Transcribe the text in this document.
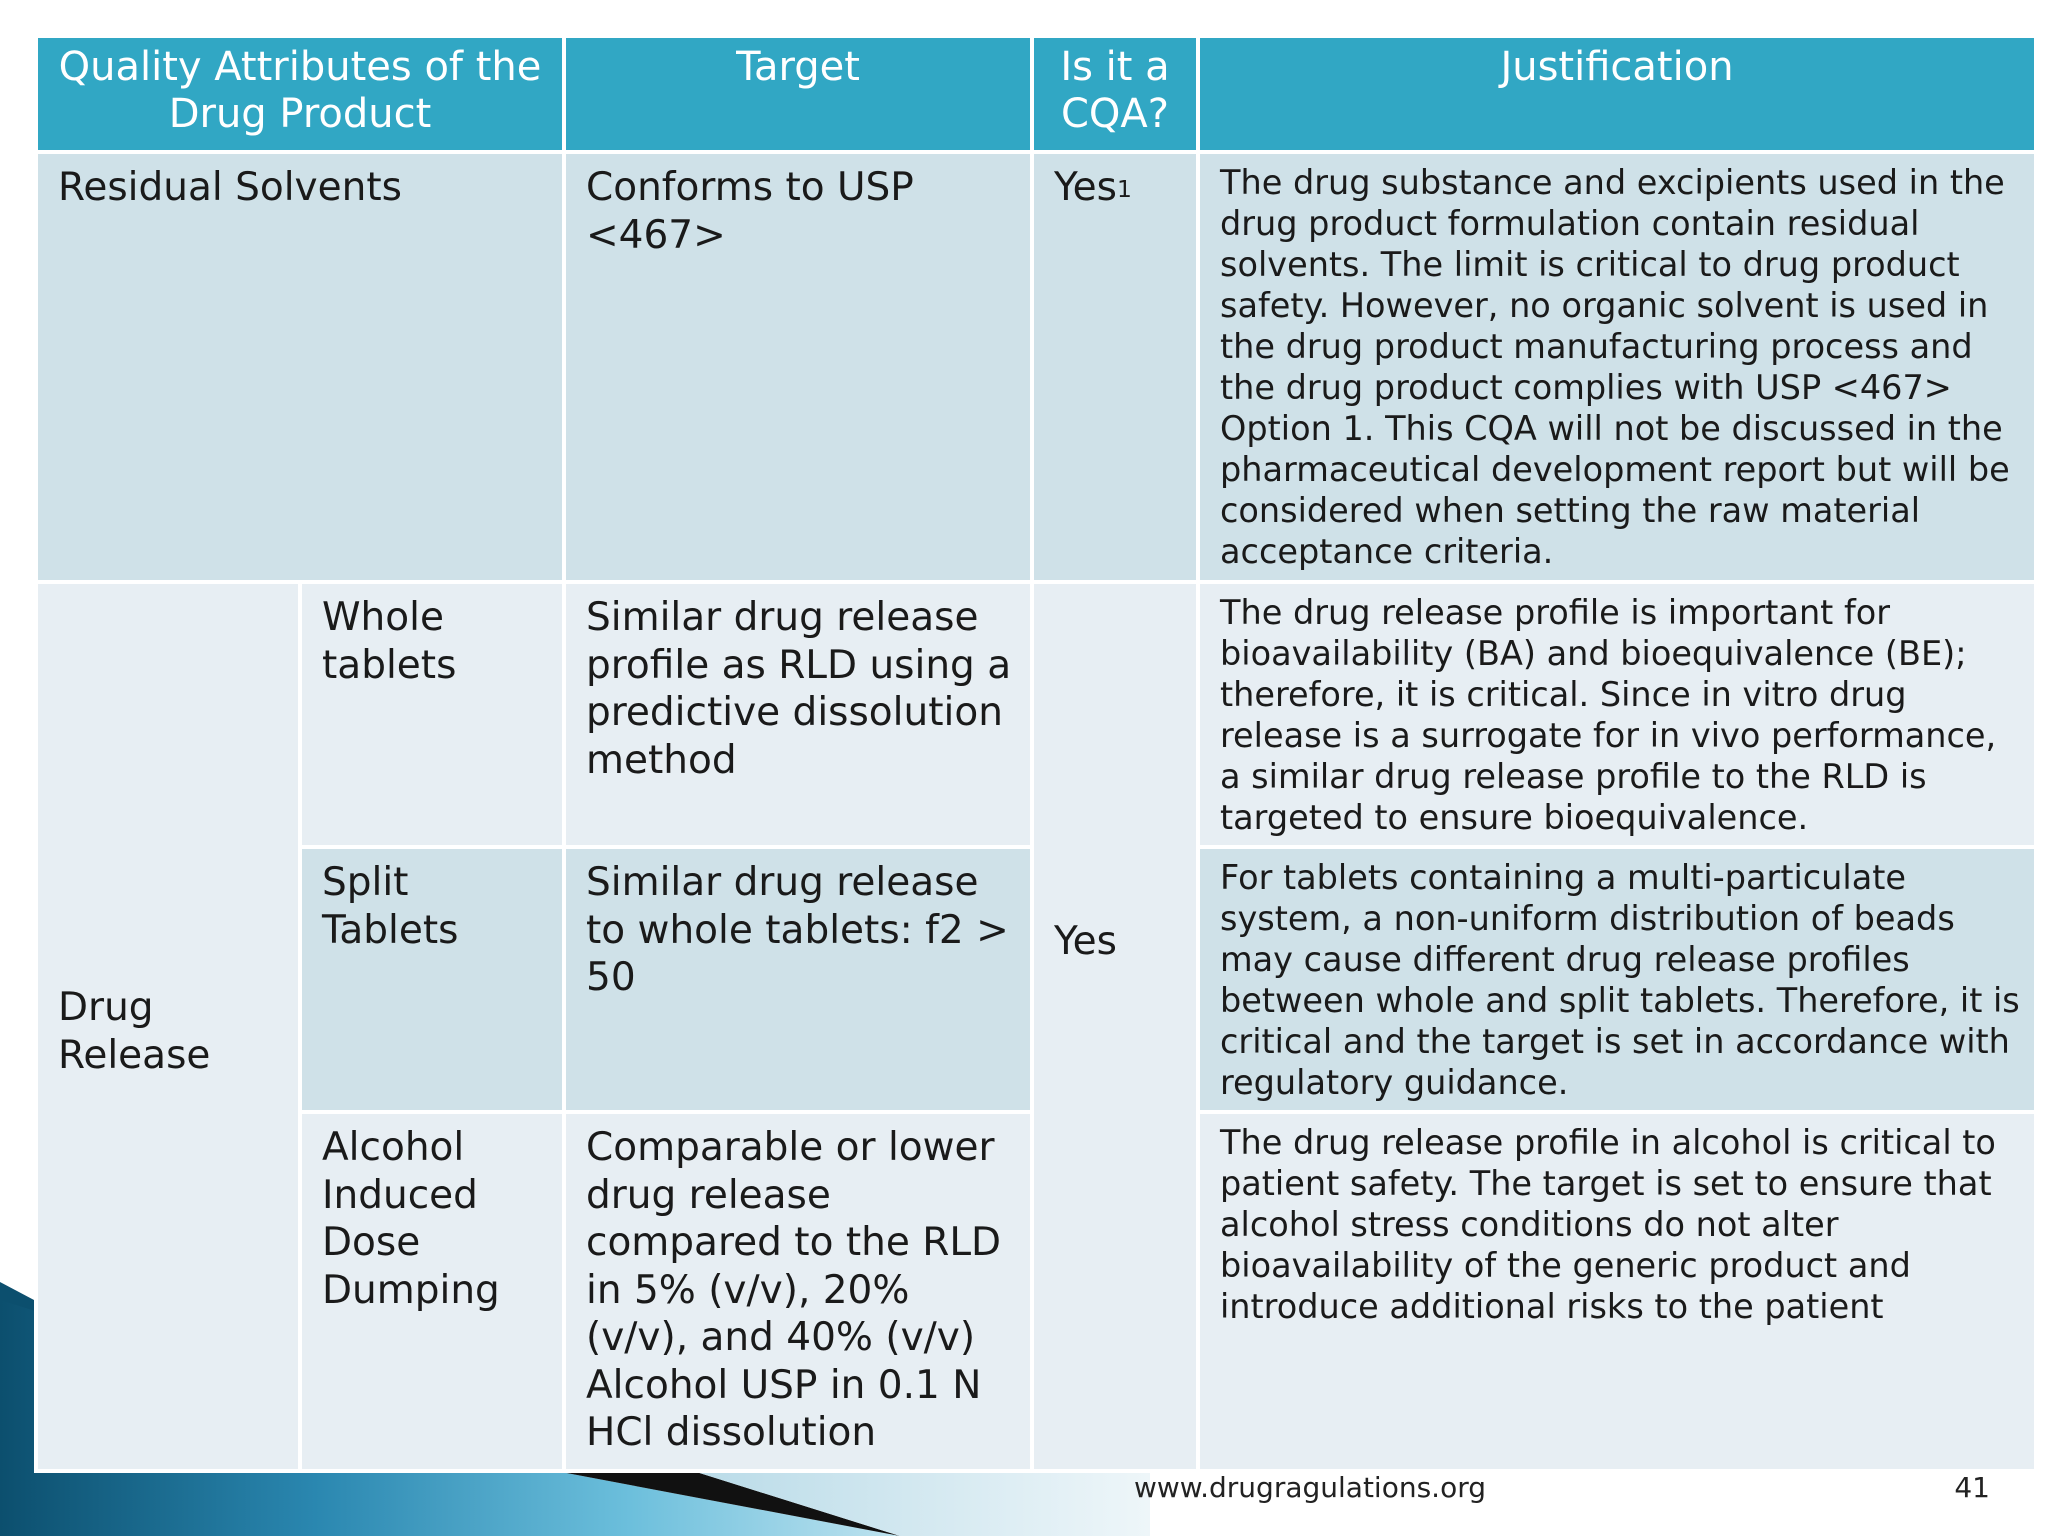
Quality Attributes of the Drug Product		Target	Is it a CQA?	Justification
Residual Solvents		Conforms to USP <467>	Yes$^1$	The drug substance and excipients used in the drug product formulation contain residual solvents. The limit is critical to drug product safety. However, no organic solvent is used in the drug product manufacturing process and the drug product complies with USP <467> Option 1. This CQA will not be discussed in the pharmaceutical development report but will be considered when setting the raw material acceptance criteria.
Drug Release	Whole tablets	Similar drug release profile as RLD using a predictive dissolution method	Yes	The drug release profile is important for bioavailability (BA) and bioequivalence (BE); therefore, it is critical. Since in vitro drug release is a surrogate for in vivo performance, a similar drug release profile to the RLD is targeted to ensure bioequivalence.
	Split Tablets	Similar drug release to whole tablets: f2 > 50		For tablets containing a multi-particulate system, a non-uniform distribution of beads may cause different drug release profiles between whole and split tablets. Therefore, it is critical and the target is set in accordance with regulatory guidance.
	Alcohol Induced Dose Dumping	Comparable or lower drug release compared to the RLD in 5% (v/v), 20% (v/v), and 40% (v/v) Alcohol USP in 0.1 N HCl dissolution		The drug release profile in alcohol is critical to patient safety. The target is set to ensure that alcohol stress conditions do not alter bioavailability of the generic product and introduce additional risks to the patient
www.drugragulations.org	41
